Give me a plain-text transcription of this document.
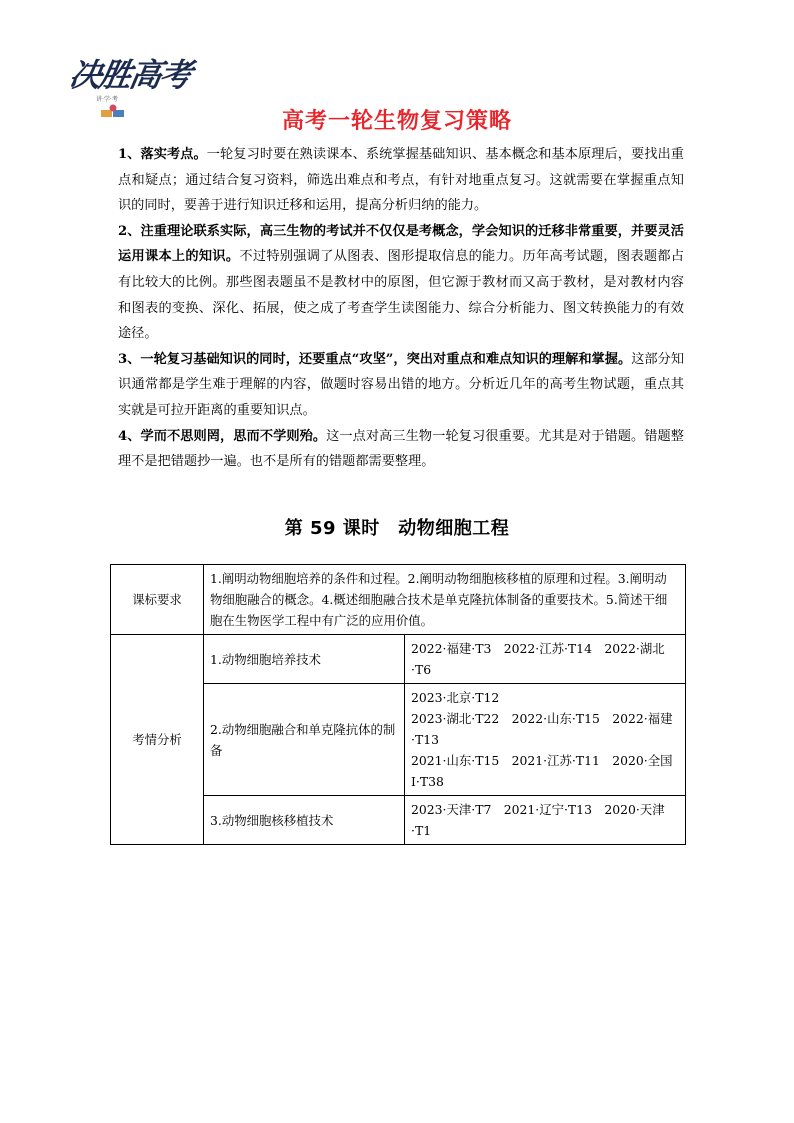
决胜高考
讲·学·考
高考一轮生物复习策略

1、落实考点。一轮复习时要在熟读课本、系统掌握基础知识、基本概念和基本原理后，要找出重点和疑点；通过结合复习资料，筛选出难点和考点，有针对地重点复习。这就需要在掌握重点知识的同时，要善于进行知识迁移和运用，提高分析归纳的能力。

2、注重理论联系实际，高三生物的考试并不仅仅是考概念，学会知识的迁移非常重要，并要灵活运用课本上的知识。不过特别强调了从图表、图形提取信息的能力。历年高考试题，图表题都占有比较大的比例。那些图表题虽不是教材中的原图，但它源于教材而又高于教材，是对教材内容和图表的变换、深化、拓展，使之成了考查学生读图能力、综合分析能力、图文转换能力的有效途径。

3、一轮复习基础知识的同时，还要重点“攻坚”，突出对重点和难点知识的理解和掌握。这部分知识通常都是学生难于理解的内容，做题时容易出错的地方。分析近几年的高考生物试题，重点其实就是可拉开距离的重要知识点。

4、学而不思则罔，思而不学则殆。这一点对高三生物一轮复习很重要。尤其是对于错题。错题整理不是把错题抄一遍。也不是所有的错题都需要整理。

第 59 课时　动物细胞工程
课标要求	1.阐明动物细胞培养的条件和过程。2.阐明动物细胞核移植的原理和过程。3.阐明动物细胞融合的概念。4.概述细胞融合技术是单克隆抗体制备的重要技术。5.简述干细胞在生物医学工程中有广泛的应用价值。	
考情分析	1.动物细胞培养技术	2022·福建·T3　2022·江苏·T14　2022·湖北·T6

	2.动物细胞融合和单克隆抗体的制备	2023·北京·T12
2023·湖北·T22　2022·山东·T15　2022·福建·T13
2021·山东·T15　2021·江苏·T11　2020·全国Ⅰ·T38

	3.动物细胞核移植技术	2023·天津·T7　2021·辽宁·T13　2020·天津·T1
